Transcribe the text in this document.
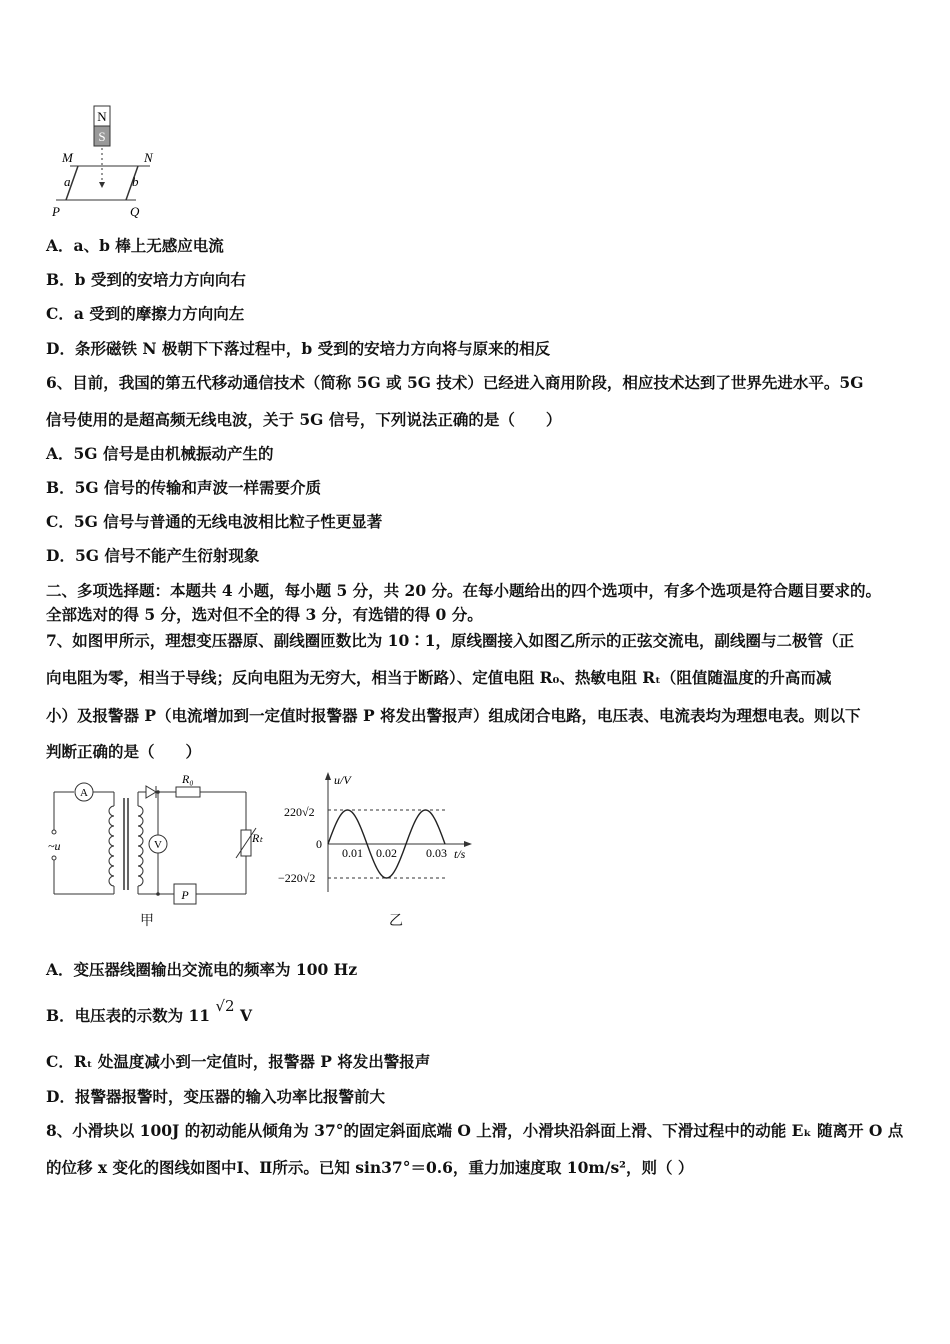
N
S
M	N
a	b
P	Q
A．a、b 棒上无感应电流
B．b 受到的安培力方向向右
C．a 受到的摩擦力方向向左
D．条形磁铁 N 极朝下下落过程中，b 受到的安培力方向将与原来的相反
6、目前，我国的第五代移动通信技术（简称 5G 或 5G 技术）已经进入商用阶段，相应技术达到了世界先进水平。5G
信号使用的是超高频无线电波，关于 5G 信号，下列说法正确的是（　　）
A．5G 信号是由机械振动产生的
B．5G 信号的传输和声波一样需要介质
C．5G 信号与普通的无线电波相比粒子性更显著
D．5G 信号不能产生衍射现象
二、多项选择题：本题共 4 小题，每小题 5 分，共 20 分。在每小题给出的四个选项中，有多个选项是符合题目要求的。
全部选对的得 5 分，选对但不全的得 3 分，有选错的得 0 分。
7、如图甲所示，理想变压器原、副线圈匝数比为 10∶1，原线圈接入如图乙所示的正弦交流电，副线圈与二极管（正
向电阻为零，相当于导线；反向电阻为无穷大，相当于断路）、定值电阻 R₀、热敏电阻 Rₜ（阻值随温度的升高而减
小）及报警器 P（电流增加到一定值时报警器 P 将发出警报声）组成闭合电路，电压表、电流表均为理想电表。则以下
判断正确的是（　　）
A
~u
R₀
Rₜ
V
P
甲
u/V
t/s
220√2
−220√2
0
0.01 0.02 0.03
乙
A．变压器线圈输出交流电的频率为 100 Hz
B．电压表的示数为 11 √2 V
C．Rₜ 处温度减小到一定值时，报警器 P 将发出警报声
D．报警器报警时，变压器的输入功率比报警前大
8、小滑块以 100J 的初动能从倾角为 37°的固定斜面底端 O 上滑，小滑块沿斜面上滑、下滑过程中的动能 Eₖ 随离开 O 点
的位移 x 变化的图线如图中Ⅰ、Ⅱ所示。已知 sin37°＝0.6，重力加速度取 10m/s²，则（ ）
